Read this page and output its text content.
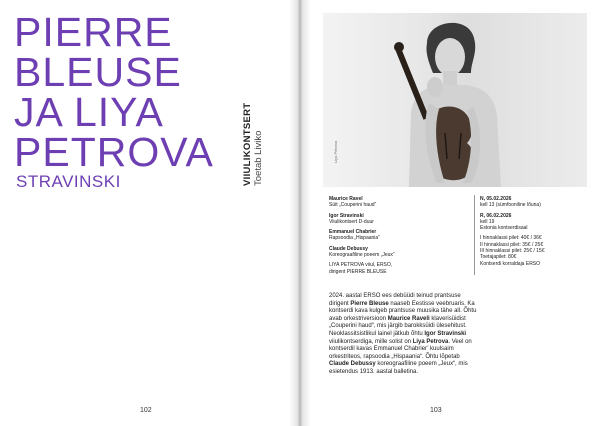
PIERRE
BLEUSE
JA LIYA
PETROVA
STRAVINSKI	VIIULIKONTSERT Toetab Liviko
102
Liya Petrova
Maurice Ravel
Süit „Couperini haud“
Igor Stravinski
Viiulikontsert D-duur
Emmanuel Chabrier
Rapsoodia „Hispaania“
Claude Debussy
Koreograafiline poeem „Jeux“
LIYA PETROVA viiul, ERSO,
dirigent PIERRE BLEUSE
N, 05.02.2026
kell 13 (sümfooniline lõuna)
R, 06.02.2026
kell 19
Estonia kontserdisaal
I hinnaklassi pilet: 40€ / 36€
II hinnaklassi pilet: 35€ / 25€
III hinnaklassi pilet: 25€ / 15€
Toetajapilet: 80€
Kontserdi korraldaja ERSO
2024. aastal ERSO ees debüüdi teinud prantsuse dirigent Pierre Bleuse naaseb Eestisse veebruaris. Ka kontserdi kava kulgeb prantsuse muusika tähe all. Õhtu avab orkestriversioon Maurice Raveli klaverisüidist „Couperini haud“, mis järgib barokksüidi ülesehitust. Neoklassitsistlikul lainel jätkub õhtu Igor Stravinski viiulikontserdiga, mille solist on Liya Petrova. Veel on kontserdil kavas Emmanuel Chabrier’ kuulsaim orkestriteos, rapsoodia „Hispaania“. Õhtu lõpetab Claude Debussy koreograafiline poeem „Jeux“, mis esietendus 1913. aastal balletina.
103
